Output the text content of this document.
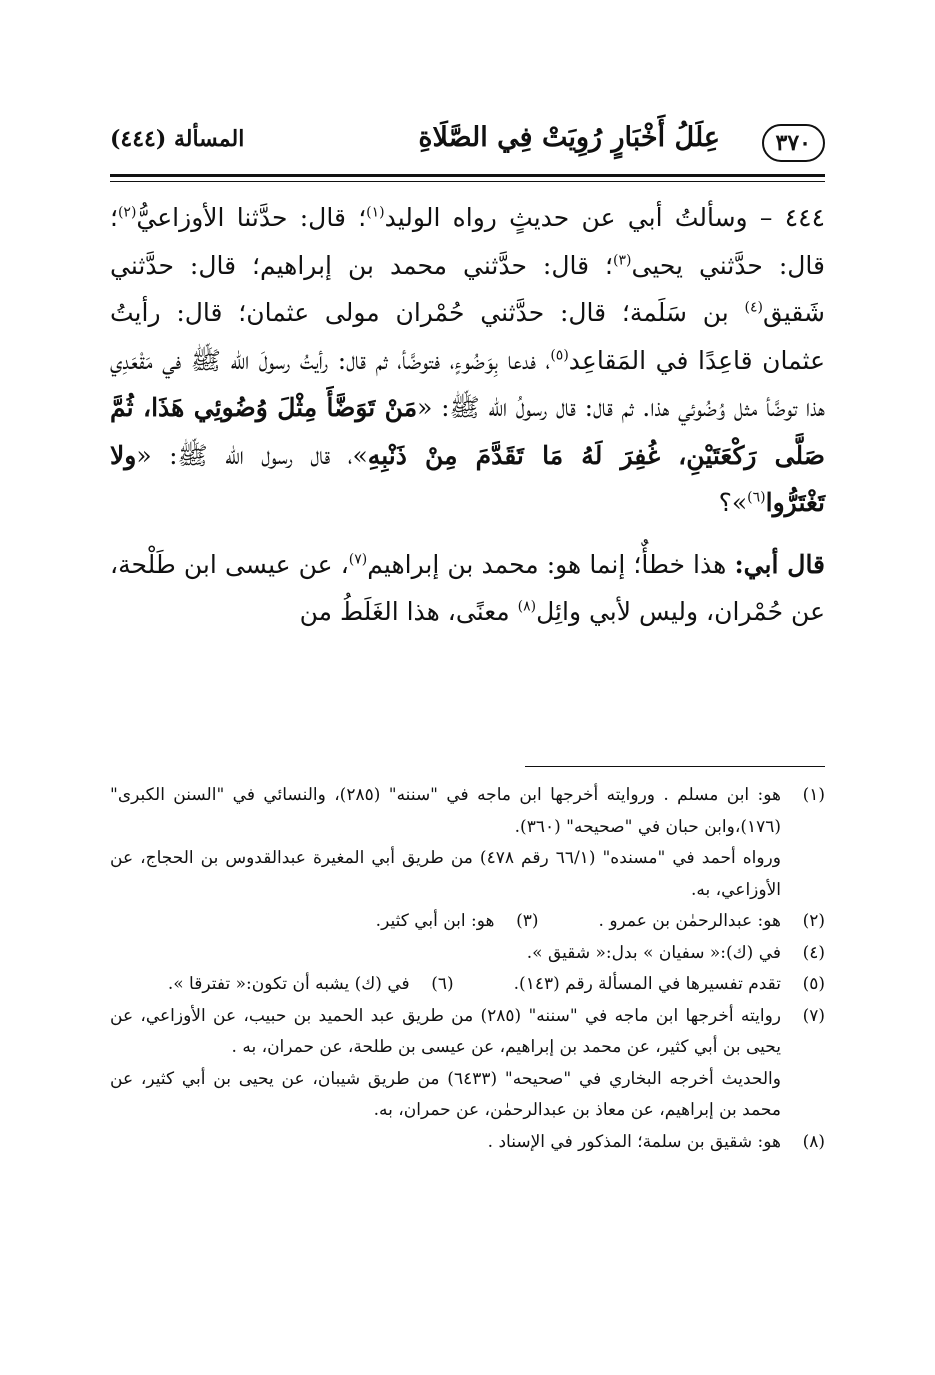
٣٧٠
عِلَلُ أَخْبَارٍ رُوِيَتْ فِي الصَّلَاةِ
المسألة (٤٤٤)

٤٤٤ – وسألتُ أبي عن حديثٍ رواه الوليد$^{(١)}$؛ قال: حدَّثنا الأوزاعيُّ$^{(٢)}$؛ قال: حدَّثني يحيى$^{(٣)}$؛ قال: حدَّثني محمد بن إبراهيم؛ قال: حدَّثني شَقيق$^{(٤)}$ بن سَلَمة؛ قال: حدَّثني حُمْران مولى عثمان؛ قال: رأيتُ عثمان قاعِدًا في المَقاعِد$^{(٥)}$، فدعا بِوَضُوءٍ، فتوضَّأ، ثم قال: رأيتُ رسولَ الله ﷺ في مَقْعَدِي هذا توضَّأ مثل وُضُوئي هذا. ثم قال: قال رسولُ الله ﷺ: «مَنْ تَوَضَّأَ مِثْلَ وُضُوئِي هَذَا، ثُمَّ صَلَّى رَكْعَتَيْنِ، غُفِرَ لَهُ مَا تَقَدَّمَ مِنْ ذَنْبِهِ»، قال رسول الله ﷺ: «ولا تَغْتَرُّوا$^{(٦)}$»؟

قال أبي: هذا خطأٌ؛ إنما هو: محمد بن إبراهيم$^{(٧)}$، عن عيسى ابن طَلْحة، عن حُمْران، وليس لأبي وائِل$^{(٨)}$ معنًى، هذا الغَلَطُ من

(١)
هو: ابن مسلم . وروايته أخرجها ابن ماجه في "سننه" (٢٨٥)، والنسائي في "السنن الكبرى" (١٧٦)،وابن حبان في "صحيحه" (٣٦٠).
ورواه أحمد في "مسنده" (٦٦/١ رقم ٤٧٨) من طريق أبي المغيرة عبدالقدوس بن الحجاج، عن الأوزاعي، به.
(٢)
هو: عبدالرحمٰن بن عمرو .
(٣)
هو: ابن أبي كثير.
(٤)
في (ك):« سفيان » بدل:« شقيق ».
(٥)
تقدم تفسيرها في المسألة رقم (١٤٣).
(٦)
في (ك) يشبه أن تكون:« تفترقا ».
(٧)
روايته أخرجها ابن ماجه في "سننه" (٢٨٥) من طريق عبد الحميد بن حبيب، عن الأوزاعي، عن يحيى بن أبي كثير، عن محمد بن إبراهيم، عن عيسى بن طلحة، عن حمران، به .
والحديث أخرجه البخاري في "صحيحه" (٦٤٣٣) من طريق شيبان، عن يحيى بن أبي كثير، عن محمد بن إبراهيم، عن معاذ بن عبدالرحمٰن، عن حمران، به.
(٨)
هو: شقيق بن سلمة؛ المذكور في الإسناد .
